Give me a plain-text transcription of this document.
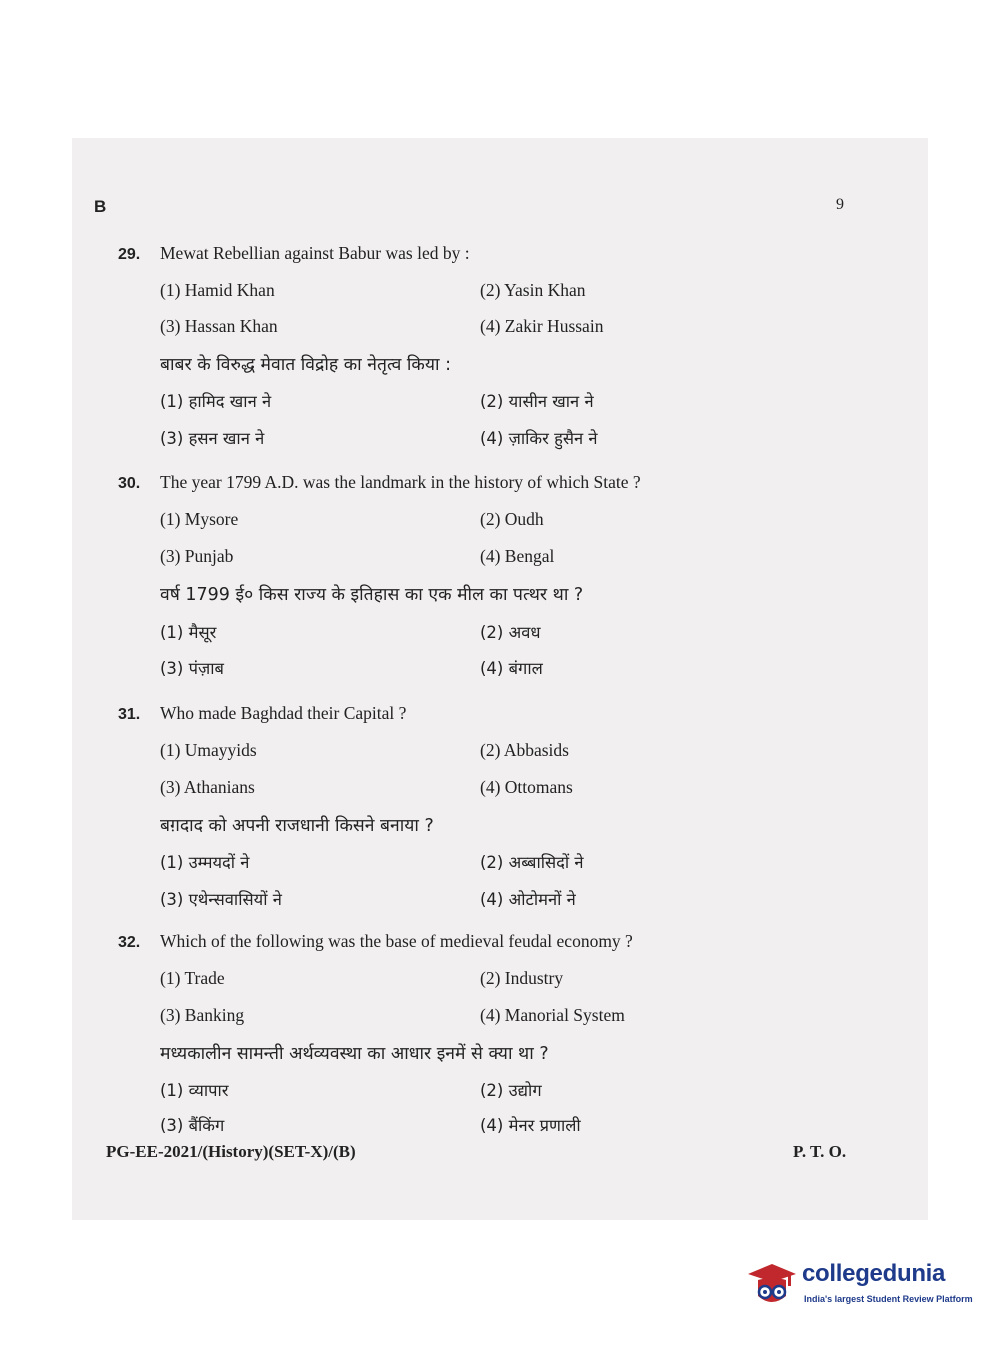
B	9
29. Mewat Rebellian against Babur was led by :
(1) Hamid Khan	(2) Yasin Khan
(3) Hassan Khan	(4) Zakir Hussain
बाबर के विरुद्ध मेवात विद्रोह का नेतृत्व किया :
(1) हामिद खान ने	(2) यासीन खान ने
(3) हसन खान ने	(4) ज़ाकिर हुसैन ने
30. The year 1799 A.D. was the landmark in the history of which State ?
(1) Mysore	(2) Oudh
(3) Punjab	(4) Bengal
वर्ष 1799 ई० किस राज्य के इतिहास का एक मील का पत्थर था ?
(1) मैसूर	(2) अवध
(3) पंज़ाब	(4) बंगाल
31. Who made Baghdad their Capital ?
(1) Umayyids	(2) Abbasids
(3) Athanians	(4) Ottomans
बग़दाद को अपनी राजधानी किसने बनाया ?
(1) उम्मयदों ने	(2) अब्बासिदों ने
(3) एथेन्सवासियों ने	(4) ओटोमनों ने
32. Which of the following was the base of medieval feudal economy ?
(1) Trade	(2) Industry
(3) Banking	(4) Manorial System
मध्यकालीन सामन्ती अर्थव्यवस्था का आधार इनमें से क्या था ?
(1) व्यापार	(2) उद्योग
(3) बैंकिंग	(4) मेनर प्रणाली
PG-EE-2021/(History)(SET-X)/(B)	P. T. O.
collegedunia
India's largest Student Review Platform
